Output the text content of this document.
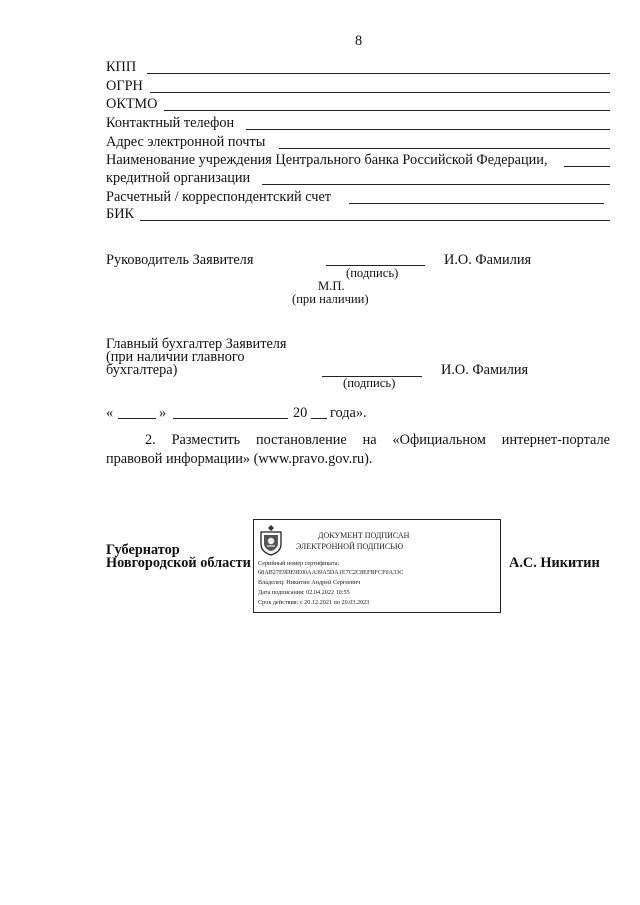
8
КПП
ОГРН
ОКТМО
Контактный телефон
Адрес электронной почты
Наименование учреждения Центрального банка Российской Федерации,
кредитной организации
Расчетный / корреспондентский счет
БИК
Руководитель Заявителя	И.О. Фамилия
(подпись)
М.П.
(при наличии)
Главный бухгалтер Заявителя
(при наличии главного
бухгалтера)	И.О. Фамилия
(подпись)
«	»	20 года».
2. Разместить постановление на «Официальном интернет-портале
правовой информации» (www.pravo.gov.ru).
Губернатор
Новгородской области	А.С. Никитин
ДОКУМЕНТ ПОДПИСАН
ЭЛЕКТРОННОЙ ПОДПИСЬЮ
Серийный номер сертификата:
68AB27E9DE9E00AA39A5DA1E7C2C8EFBFCF0A33C
Владелец: Никитин Андрей Сергеевич
Дата подписания: 02.04.2022 10:55
Срок действия: с 20.12.2021 по 20.03.2023
